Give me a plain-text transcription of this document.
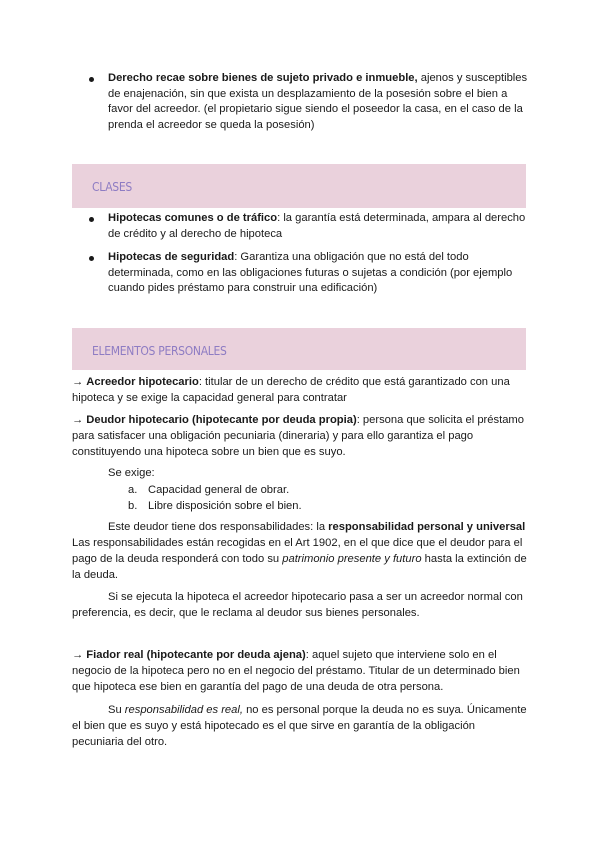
Derecho recae sobre bienes de sujeto privado e inmueble, ajenos y susceptibles de enajenación, sin que exista un desplazamiento de la posesión sobre el bien a favor del acreedor. (el propietario sigue siendo el poseedor la casa, en el caso de la prenda el acreedor se queda la posesión)
CLASES
Hipotecas comunes o de tráfico: la garantía está determinada, ampara al derecho de crédito y al derecho de hipoteca
Hipotecas de seguridad: Garantiza una obligación que no está del todo determinada, como en las obligaciones futuras o sujetas a condición (por ejemplo cuando pides préstamo para construir una edificación)
ELEMENTOS PERSONALES

→ Acreedor hipotecario: titular de un derecho de crédito que está garantizado con una hipoteca y se exige la capacidad general para contratar

→ Deudor hipotecario (hipotecante por deuda propia): persona que solicita el préstamo para satisfacer una obligación pecuniaria (dineraria) y para ello garantiza el pago constituyendo una hipoteca sobre un bien que es suyo.

Se exige:

a. Capacidad general de obrar.
b. Libre disposición sobre el bien.

Este deudor tiene dos responsabilidades: la responsabilidad personal y universal Las responsabilidades están recogidas en el Art 1902, en el que dice que el deudor para el pago de la deuda responderá con todo su patrimonio presente y futuro hasta la extinción de la deuda.

Si se ejecuta la hipoteca el acreedor hipotecario pasa a ser un acreedor normal con preferencia, es decir, que le reclama al deudor sus bienes personales.

→ Fiador real (hipotecante por deuda ajena): aquel sujeto que interviene solo en el negocio de la hipoteca pero no en el negocio del préstamo. Titular de un determinado bien que hipoteca ese bien en garantía del pago de una deuda de otra persona.

Su responsabilidad es real, no es personal porque la deuda no es suya. Únicamente el bien que es suyo y está hipotecado es el que sirve en garantía de la obligación pecuniaria del otro.
